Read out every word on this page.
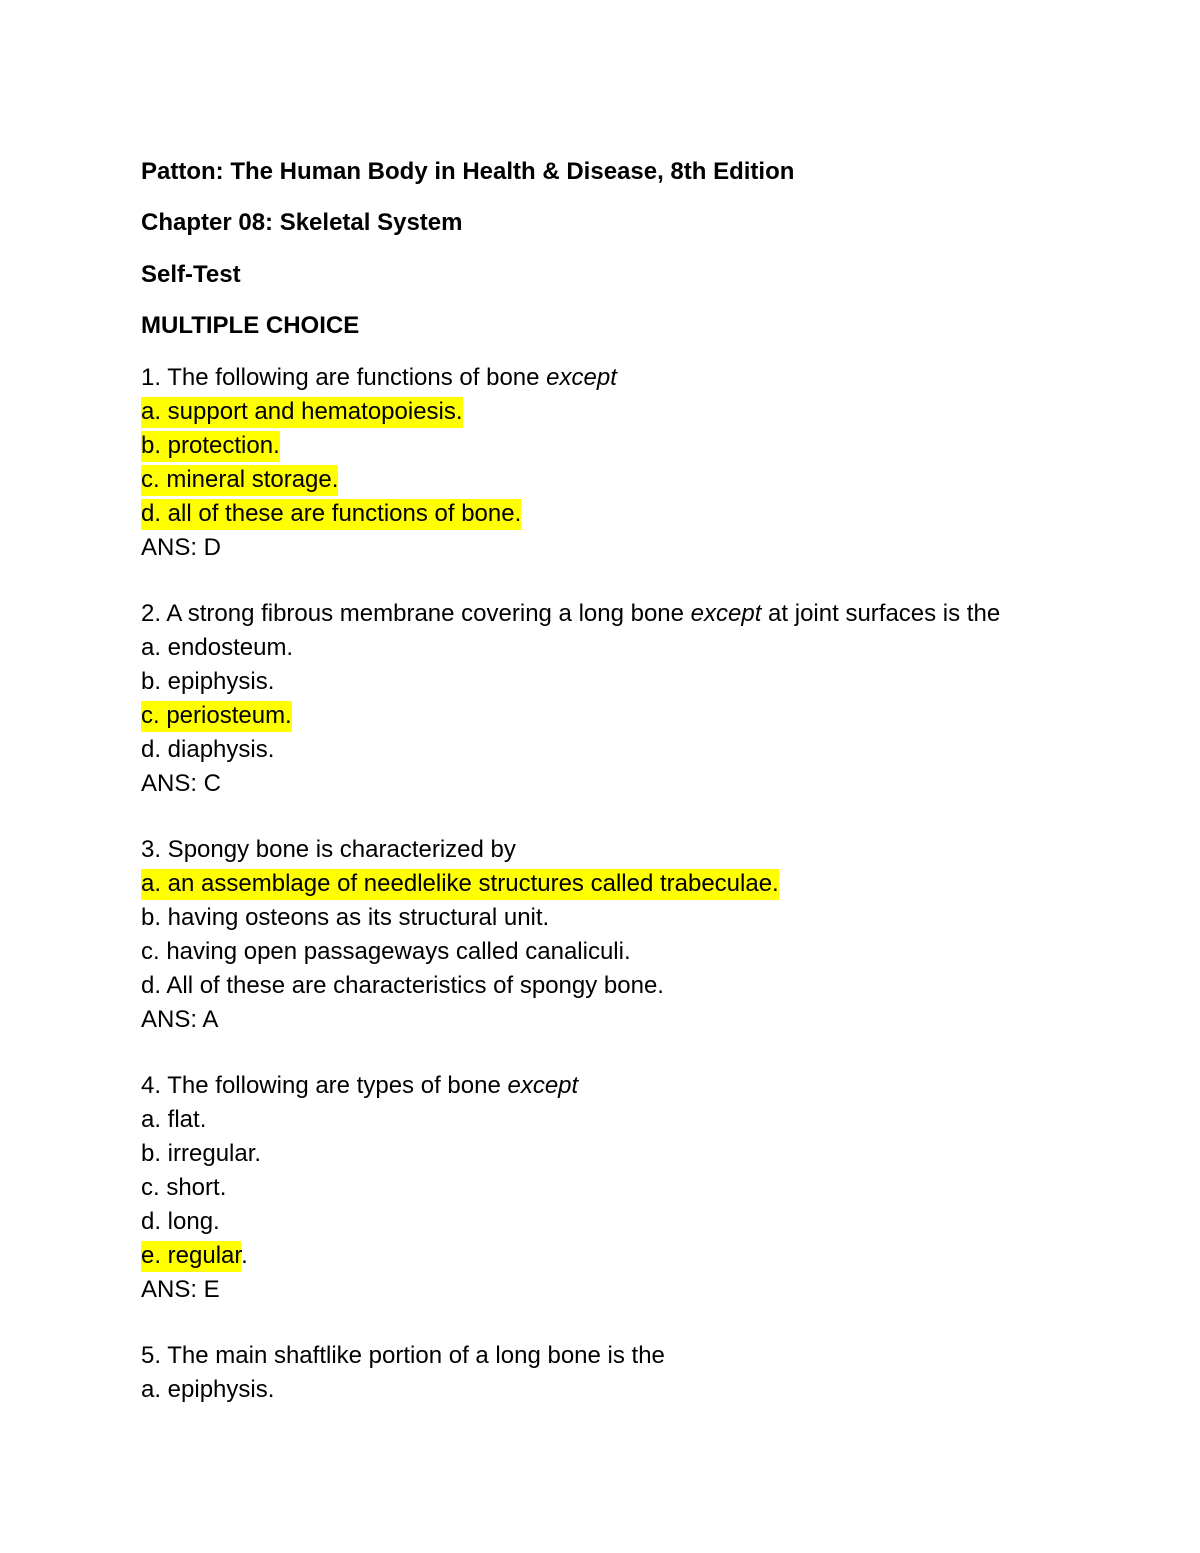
Patton: The Human Body in Health & Disease, 8th Edition
Chapter 08: Skeletal System
Self-Test
MULTIPLE CHOICE
1. The following are functions of bone except
a. support and hematopoiesis.
b. protection.
c. mineral storage.
d. all of these are functions of bone.
ANS: D
2. A strong fibrous membrane covering a long bone except at joint surfaces is the
a. endosteum.
b. epiphysis.
c. periosteum.
d. diaphysis.
ANS: C
3. Spongy bone is characterized by
a. an assemblage of needlelike structures called trabeculae.
b. having osteons as its structural unit.
c. having open passageways called canaliculi.
d. All of these are characteristics of spongy bone.
ANS: A
4. The following are types of bone except
a. flat.
b. irregular.
c. short.
d. long.
e. regular.
ANS: E
5. The main shaftlike portion of a long bone is the
a. epiphysis.
